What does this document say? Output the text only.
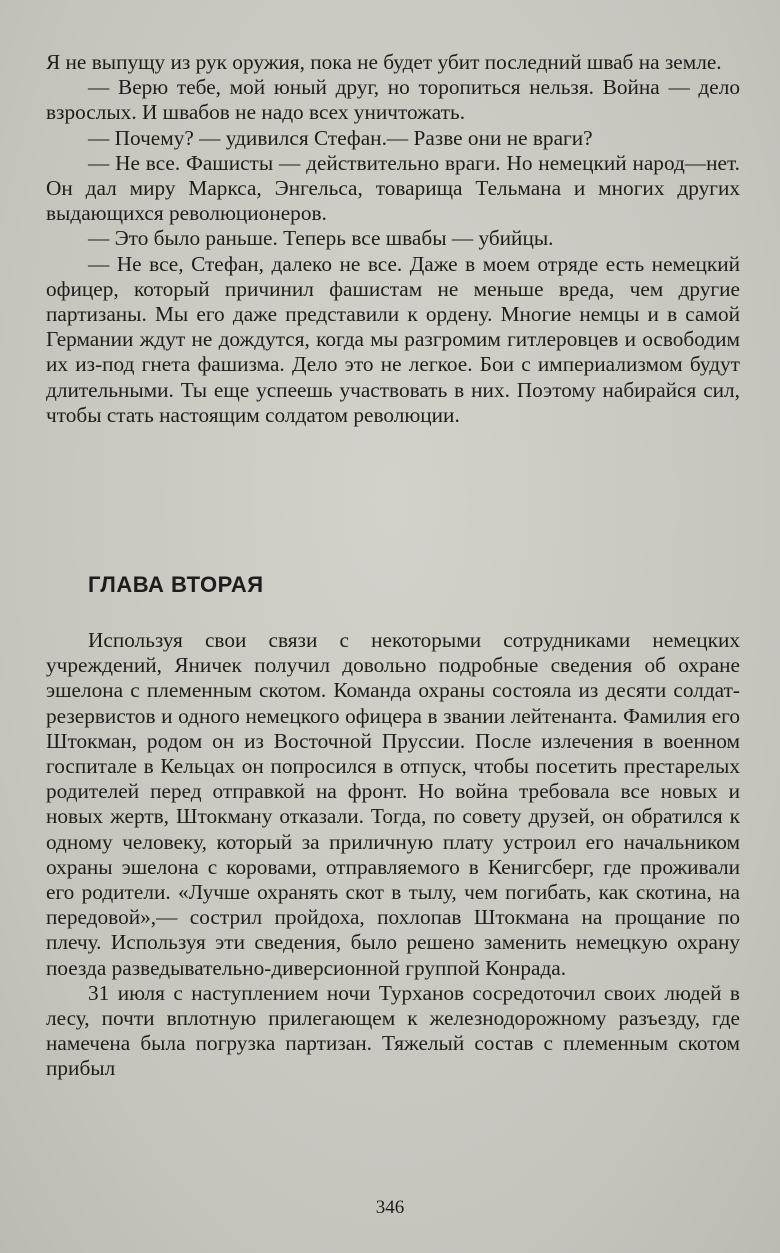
Я не выпущу из рук оружия, пока не будет убит последний шваб на земле.

— Верю тебе, мой юный друг, но торопиться нельзя. Война — дело взрослых. И швабов не надо всех уничтожать.

— Почему? — удивился Стефан.— Разве они не враги?

— Не все. Фашисты — действительно враги. Но немецкий народ—нет. Он дал миру Маркса, Энгельса, товарища Тельмана и многих других выдающихся революционеров.

— Это было раньше. Теперь все швабы — убийцы.

— Не все, Стефан, далеко не все. Даже в моем отряде есть немецкий офицер, который причинил фашистам не меньше вреда, чем другие партизаны. Мы его даже представили к ордену. Многие немцы и в самой Германии ждут не дождутся, когда мы разгромим гитлеровцев и освободим их из-под гнета фашизма. Дело это не легкое. Бои с империализмом будут длительными. Ты еще успеешь участвовать в них. Поэтому набирайся сил, чтобы стать настоящим солдатом революции.

ГЛАВА ВТОРАЯ

Используя свои связи с некоторыми сотрудниками немецких учреждений, Яничек получил довольно подробные сведения об охране эшелона с племенным скотом. Команда охраны состояла из десяти солдат-резервистов и одного немецкого офицера в звании лейтенанта. Фамилия его Штокман, родом он из Восточной Пруссии. После излечения в военном госпитале в Кельцах он попросился в отпуск, чтобы посетить престарелых родителей перед отправкой на фронт. Но война требовала все новых и новых жертв, Штокману отказали. Тогда, по совету друзей, он обратился к одному человеку, который за приличную плату устроил его начальником охраны эшелона с коровами, отправляемого в Кенигсберг, где проживали его родители. «Лучше охранять скот в тылу, чем погибать, как скотина, на передовой»,— сострил пройдоха, похлопав Штокмана на прощание по плечу. Используя эти сведения, было решено заменить немецкую охрану поезда разведывательно-диверсионной группой Конрада.

31 июля с наступлением ночи Турханов сосредоточил своих людей в лесу, почти вплотную прилегающем к железнодорожному разъезду, где намечена была погрузка партизан. Тяжелый состав с племенным скотом прибыл

346
